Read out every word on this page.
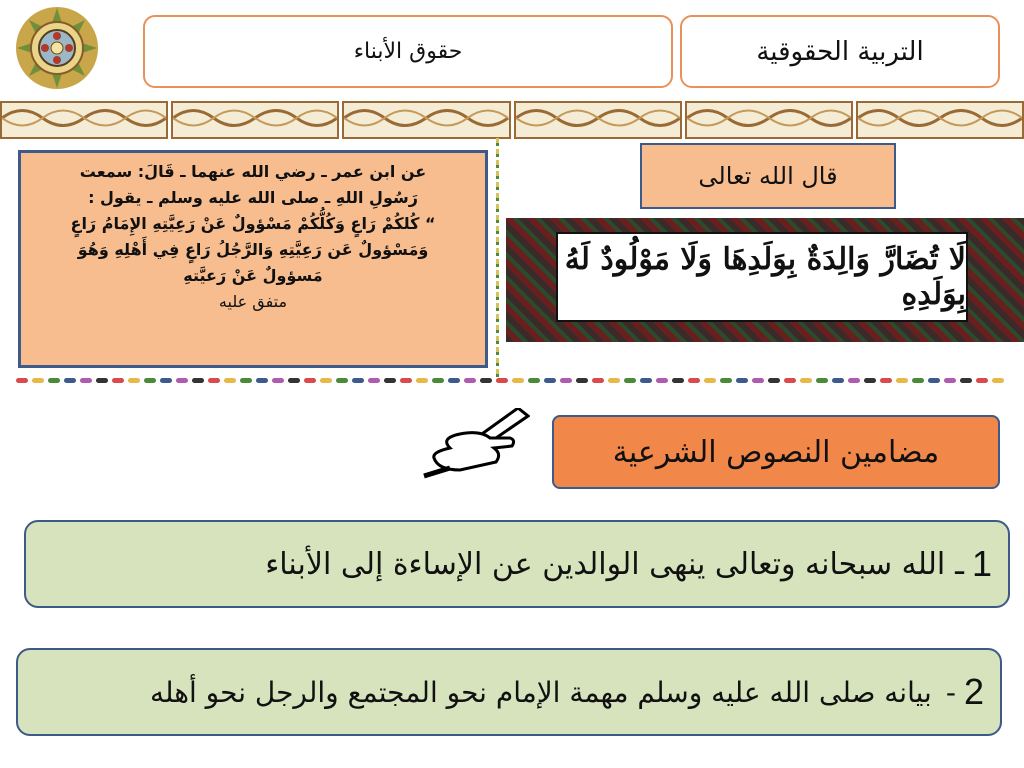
التربية الحقوقية
حقوق الأبناء
عن ابن عمر ـ رضي الله عنهما ـ قَالَ: سمعت
رَسُولِ اللهِ ـ صلى الله عليه وسلم ـ يقول :
“ كُلكُمْ رَاعٍ وَكُلُّكُمْ مَسْؤولٌ عَنْ رَعِيَّتِهِ الإِمَامُ رَاعٍ
وَمَسْؤولٌ عَن رَعِيَّتِهِ وَالرَّجُلُ رَاعٍ فِي أَهْلِهِ وَهُوَ
مَسؤولٌ عَنْ رَعيَّتهِ
متفق عليه
قال الله تعالى
لَا تُضَارَّ وَالِدَةٌ بِوَلَدِهَا وَلَا مَوْلُودٌ لَهُ بِوَلَدِهِ
مضامين النصوص الشرعية
1
ـ
الله سبحانه وتعالى ينهى الوالدين عن الإساءة إلى الأبناء
2
-
بيانه صلى الله عليه وسلم مهمة الإمام نحو المجتمع والرجل نحو أهله
